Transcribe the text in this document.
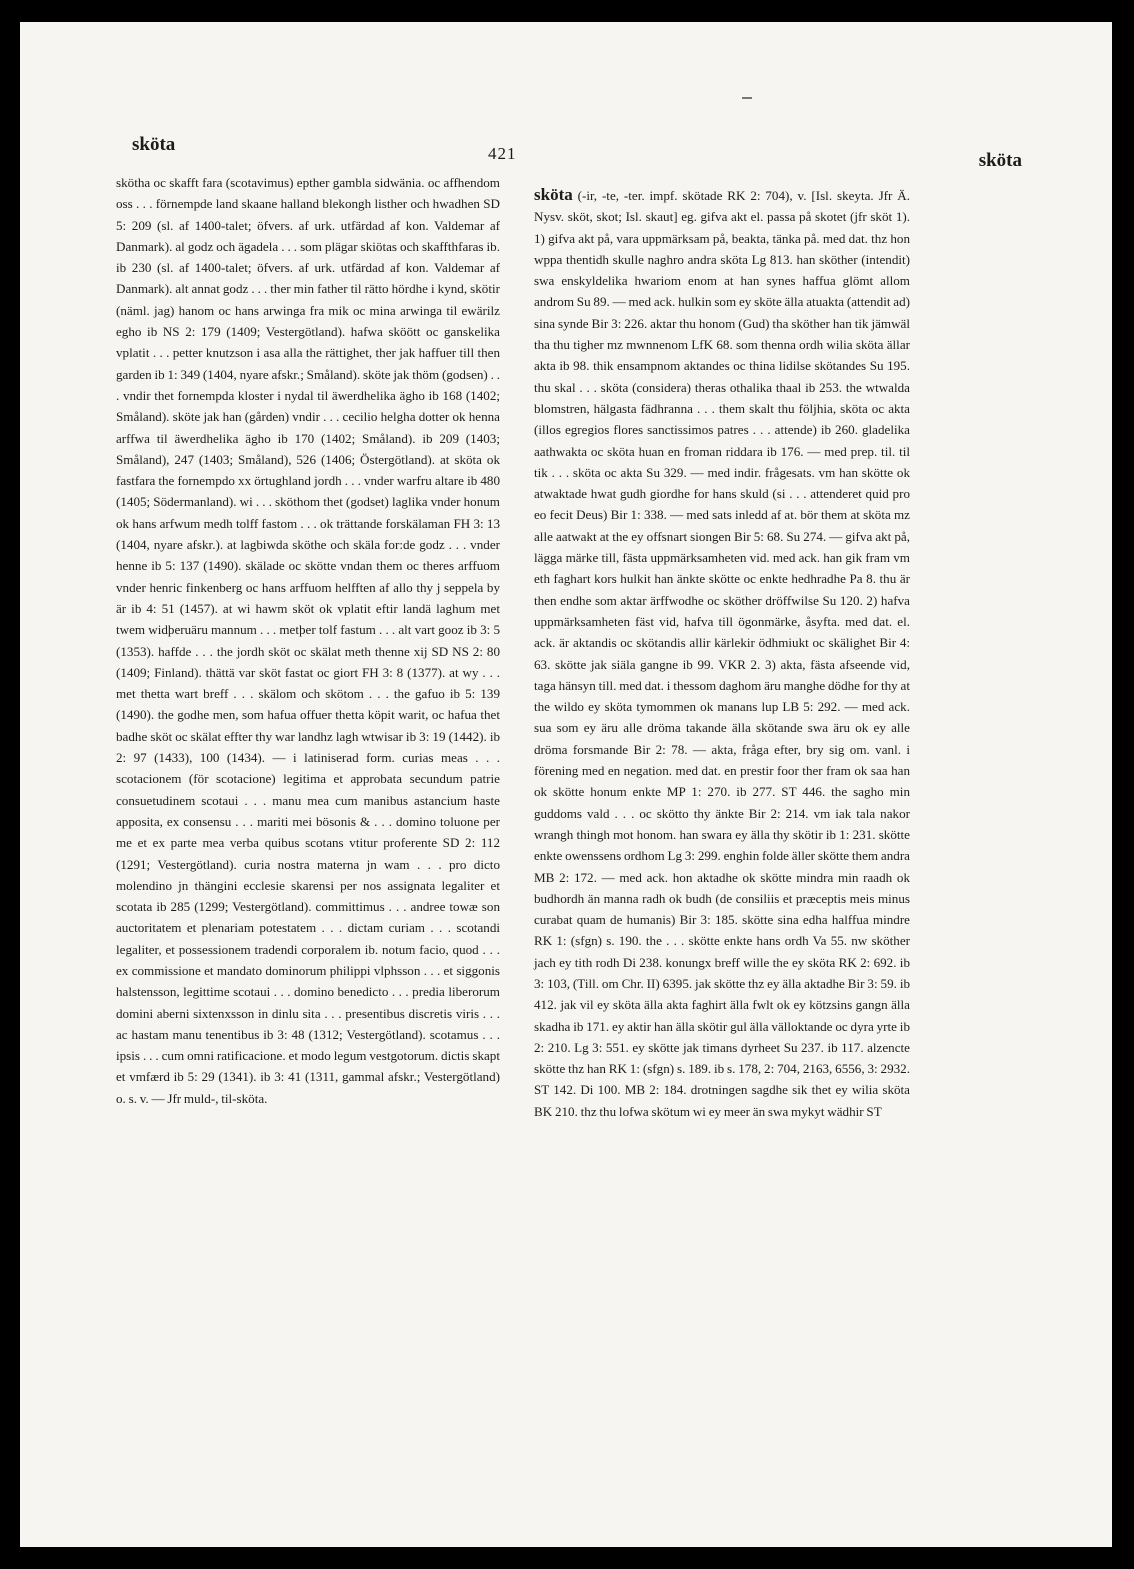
sköta	421	sköta

skötha oc skafft fara (scotavimus) epther gambla sidwänia. oc affhendom oss . . . förnempde land skaane halland blekongh listher och hwadhen SD 5: 209 (sl. af 1400-talet; öfvers. af urk. utfärdad af kon. Valdemar af Danmark). al godz och ägadela . . . som plägar skiötas och skaffthfaras ib. ib 230 (sl. af 1400-talet; öfvers. af urk. utfärdad af kon. Valdemar af Danmark). alt annat godz . . . ther min father til rätto hördhe i kynd, skötir (näml. jag) hanom oc hans arwinga fra mik oc mina arwinga til ewärilz egho ib NS 2: 179 (1409; Vestergötland). hafwa sköött oc ganskelika vplatit . . . petter knutzson i asa alla the rättighet, ther jak haffuer till then garden ib 1: 349 (1404, nyare afskr.; Småland). sköte jak thöm (godsen) . . . vndir thet fornempda kloster i nydal til äwerdhelika ägho ib 168 (1402; Småland). sköte jak han (gården) vndir . . . cecilio helgha dotter ok henna arffwa til äwerdhelika ägho ib 170 (1402; Småland). ib 209 (1403; Småland), 247 (1403; Småland), 526 (1406; Östergötland). at sköta ok fastfara the fornempdo xx örtughland jordh . . . vnder warfru altare ib 480 (1405; Södermanland). wi . . . sköthom thet (godset) laglika vnder honum ok hans arfwum medh tolff fastom . . . ok trättande forskälaman FH 3: 13 (1404, nyare afskr.). at lagbiwda sköthe och skäla for:de godz . . . vnder henne ib 5: 137 (1490). skälade oc skötte vndan them oc theres arffuom vnder henric finkenberg oc hans arffuom helfften af allo thy j seppela by är ib 4: 51 (1457). at wi hawm sköt ok vplatit eftir landä laghum met twem widþeruäru mannum . . . metþer tolf fastum . . . alt vart gooz ib 3: 5 (1353). haffde . . . the jordh sköt oc skälat meth thenne xij SD NS 2: 80 (1409; Finland). thättä var sköt fastat oc giort FH 3: 8 (1377). at wy . . . met thetta wart breff . . . skälom och skötom . . . the gafuo ib 5: 139 (1490). the godhe men, som hafua offuer thetta köpit warit, oc hafua thet badhe sköt oc skälat effter thy war landhz lagh wtwisar ib 3: 19 (1442). ib 2: 97 (1433), 100 (1434). — i latiniserad form. curias meas . . . scotacionem (för scotacione) legitima et approbata secundum patrie consuetudinem scotaui . . . manu mea cum manibus astancium haste apposita, ex consensu . . . mariti mei bösonis & . . . domino toluone per me et ex parte mea verba quibus scotans vtitur proferente SD 2: 112 (1291; Vestergötland). curia nostra materna jn wam . . . pro dicto molendino jn thängini ecclesie skarensi per nos assignata legaliter et scotata ib 285 (1299; Vestergötland). committimus . . . andree towæ son auctoritatem et plenariam potestatem . . . dictam curiam . . . scotandi legaliter, et possessionem tradendi corporalem ib. notum facio, quod . . . ex commissione et mandato dominorum philippi vlphsson . . . et siggonis halstensson, legittime scotaui . . . domino benedicto . . . predia liberorum domini aberni sixtenxsson in dinlu sita . . . presentibus discretis viris . . . ac hastam manu tenentibus ib 3: 48 (1312; Vestergötland). scotamus . . . ipsis . . . cum omni ratificacione. et modo legum vestgotorum. dictis skapt et vmfærd ib 5: 29 (1341). ib 3: 41 (1311, gammal afskr.; Vestergötland) o. s. v. — Jfr muld-, til-sköta.

sköta (-ir, -te, -ter. impf. skötade RK 2: 704), v. [Isl. skeyta. Jfr Ä. Nysv. sköt, skot; Isl. skaut] eg. gifva akt el. passa på skotet (jfr sköt 1). 1) gifva akt på, vara uppmärksam på, beakta, tänka på. med dat. thz hon wppa thentidh skulle naghro andra sköta Lg 813. han sköther (intendit) swa enskyldelika hwariom enom at han synes haffua glömt allom androm Su 89. — med ack. hulkin som ey sköte älla atuakta (attendit ad) sina synde Bir 3: 226. aktar thu honom (Gud) tha sköther han tik jämwäl tha thu tigher mz mwnnenom LfK 68. som thenna ordh wilia sköta ällar akta ib 98. thik ensampnom aktandes oc thina lidilse skötandes Su 195. thu skal . . . sköta (considera) theras othalika thaal ib 253. the wtwalda blomstren, hälgasta fädhranna . . . them skalt thu följhia, sköta oc akta (illos egregios flores sanctissimos patres . . . attende) ib 260. gladelika aathwakta oc sköta huan en froman riddara ib 176. — med prep. til. til tik . . . sköta oc akta Su 329. — med indir. frågesats. vm han skötte ok atwaktade hwat gudh giordhe for hans skuld (si . . . attenderet quid pro eo fecit Deus) Bir 1: 338. — med sats inledd af at. bör them at sköta mz alle aatwakt at the ey offsnart siongen Bir 5: 68. Su 274. — gifva akt på, lägga märke till, fästa uppmärksamheten vid. med ack. han gik fram vm eth faghart kors hulkit han änkte skötte oc enkte hedhradhe Pa 8. thu är then endhe som aktar ärffwodhe oc sköther dröffwilse Su 120. 2) hafva uppmärksamheten fäst vid, hafva till ögonmärke, åsyfta. med dat. el. ack. är aktandis oc skötandis allir kärlekir ödhmiukt oc skälighet Bir 4: 63. skötte jak siäla gangne ib 99. VKR 2. 3) akta, fästa afseende vid, taga hänsyn till. med dat. i thessom daghom äru manghe dödhe for thy at the wildo ey sköta tymommen ok manans lup LB 5: 292. — med ack. sua som ey äru alle dröma takande älla skötande swa äru ok ey alle dröma forsmande Bir 2: 78. — akta, fråga efter, bry sig om. vanl. i förening med en negation. med dat. en prestir foor ther fram ok saa han ok skötte honum enkte MP 1: 270. ib 277. ST 446. the sagho min guddoms vald . . . oc skötto thy änkte Bir 2: 214. vm iak tala nakor wrangh thingh mot honom. han swara ey älla thy skötir ib 1: 231. skötte enkte owenssens ordhom Lg 3: 299. enghin folde äller skötte them andra MB 2: 172. — med ack. hon aktadhe ok skötte mindra min raadh ok budhordh än manna radh ok budh (de consiliis et præceptis meis minus curabat quam de humanis) Bir 3: 185. skötte sina edha halffua mindre RK 1: (sfgn) s. 190. the . . . skötte enkte hans ordh Va 55. nw sköther jach ey tith rodh Di 238. konungx breff wille the ey sköta RK 2: 692. ib 3: 103, (Till. om Chr. II) 6395. jak skötte thz ey älla aktadhe Bir 3: 59. ib 412. jak vil ey sköta älla akta faghirt älla fwlt ok ey kötzsins gangn älla skadha ib 171. ey aktir han älla skötir gul älla välloktande oc dyra yrte ib 2: 210. Lg 3: 551. ey skötte jak timans dyrheet Su 237. ib 117. alzencte skötte thz han RK 1: (sfgn) s. 189. ib s. 178, 2: 704, 2163, 6556, 3: 2932. ST 142. Di 100. MB 2: 184. drotningen sagdhe sik thet ey wilia sköta BK 210. thz thu lofwa skötum wi ey meer än swa mykyt wädhir ST
